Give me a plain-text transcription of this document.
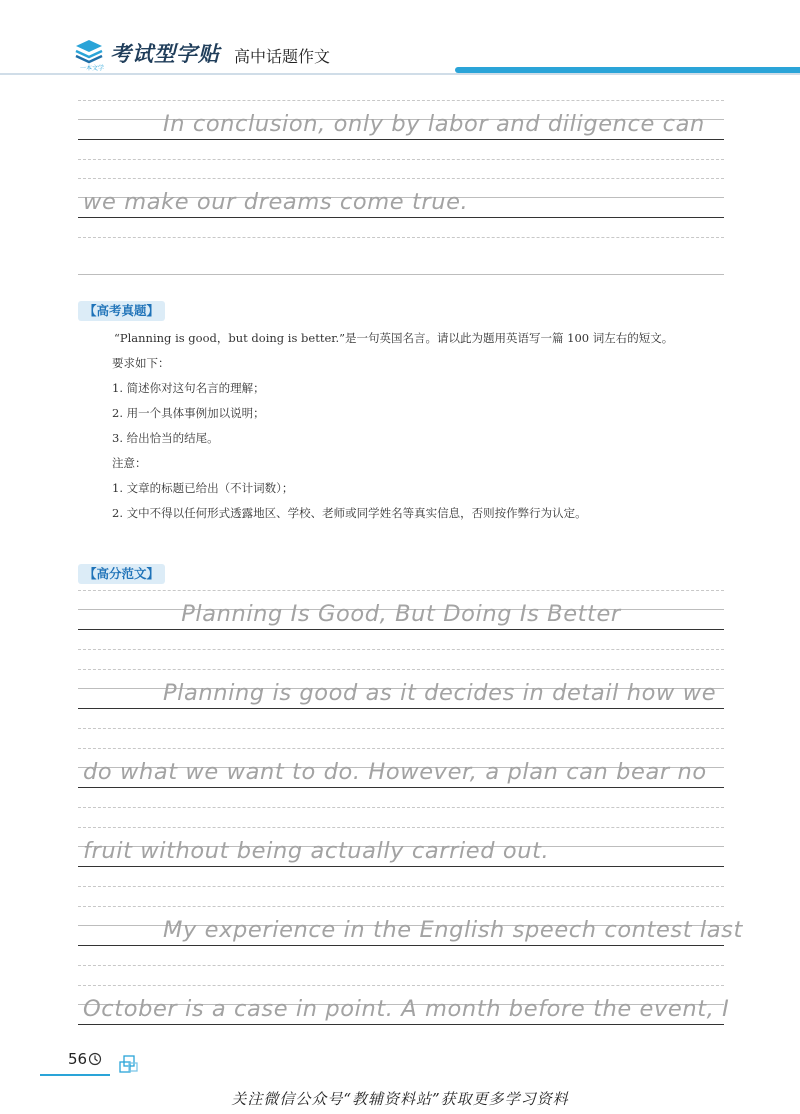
一本文学
考试型字贴 高中话题作文
In conclusion, only by labor and diligence can
we make our dreams come true.
【高考真题】

“Planning is good，but doing is better.”是一句英国名言。请以此为题用英语写一篇 100 词左右的短文。

要求如下：

1. 简述你对这句名言的理解；

2. 用一个具体事例加以说明；

3. 给出恰当的结尾。

注意：

1. 文章的标题已给出（不计词数）；

2. 文中不得以任何形式透露地区、学校、老师或同学姓名等真实信息，否则按作弊行为认定。

【高分范文】
Planning Is Good, But Doing Is Better
Planning is good as it decides in detail how we
do what we want to do. However, a plan can bear no
fruit without being actually carried out.
My experience in the English speech contest last
October is a case in point. A month before the event, I
56
关注微信公众号“教辅资料站”获取更多学习资料
